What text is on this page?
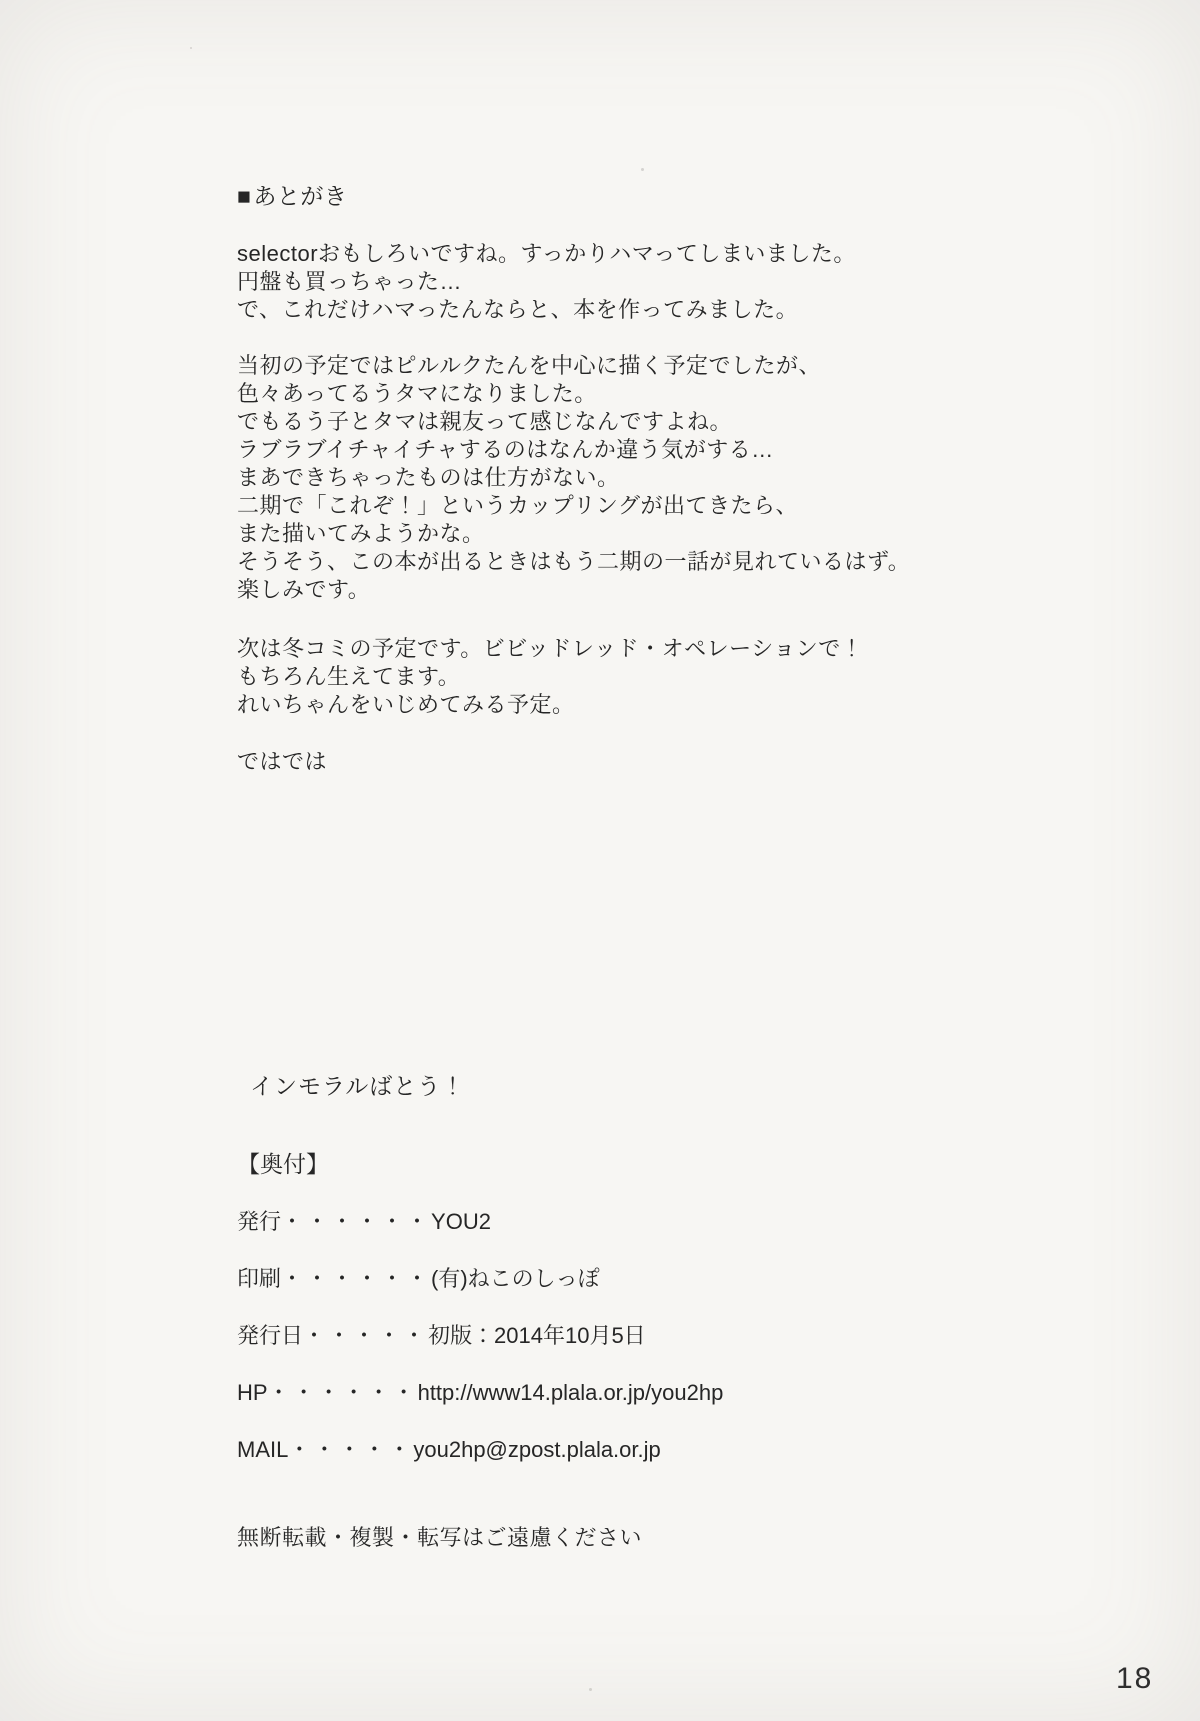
■あとがき
selectorおもしろいですね。すっかりハマってしまいました。
円盤も買っちゃった…
で、これだけハマったんならと、本を作ってみました。
当初の予定ではピルルクたんを中心に描く予定でしたが、
色々あってるうタマになりました。
でもるう子とタマは親友って感じなんですよね。
ラブラブイチャイチャするのはなんか違う気がする…
まあできちゃったものは仕方がない。
二期で「これぞ！」というカップリングが出てきたら、
また描いてみようかな。
そうそう、この本が出るときはもう二期の一話が見れているはず。
楽しみです。
次は冬コミの予定です。ビビッドレッド・オペレーションで！
もちろん生えてます。
れいちゃんをいじめてみる予定。
ではでは
インモラルばとう！
【奥付】
発行・・・・・・YOU2
印刷・・・・・・(有)ねこのしっぽ
発行日・・・・・初版：2014年10月5日
HP・・・・・・http://www14.plala.or.jp/you2hp
MAIL・・・・・you2hp@zpost.plala.or.jp
無断転載・複製・転写はご遠慮ください
18
